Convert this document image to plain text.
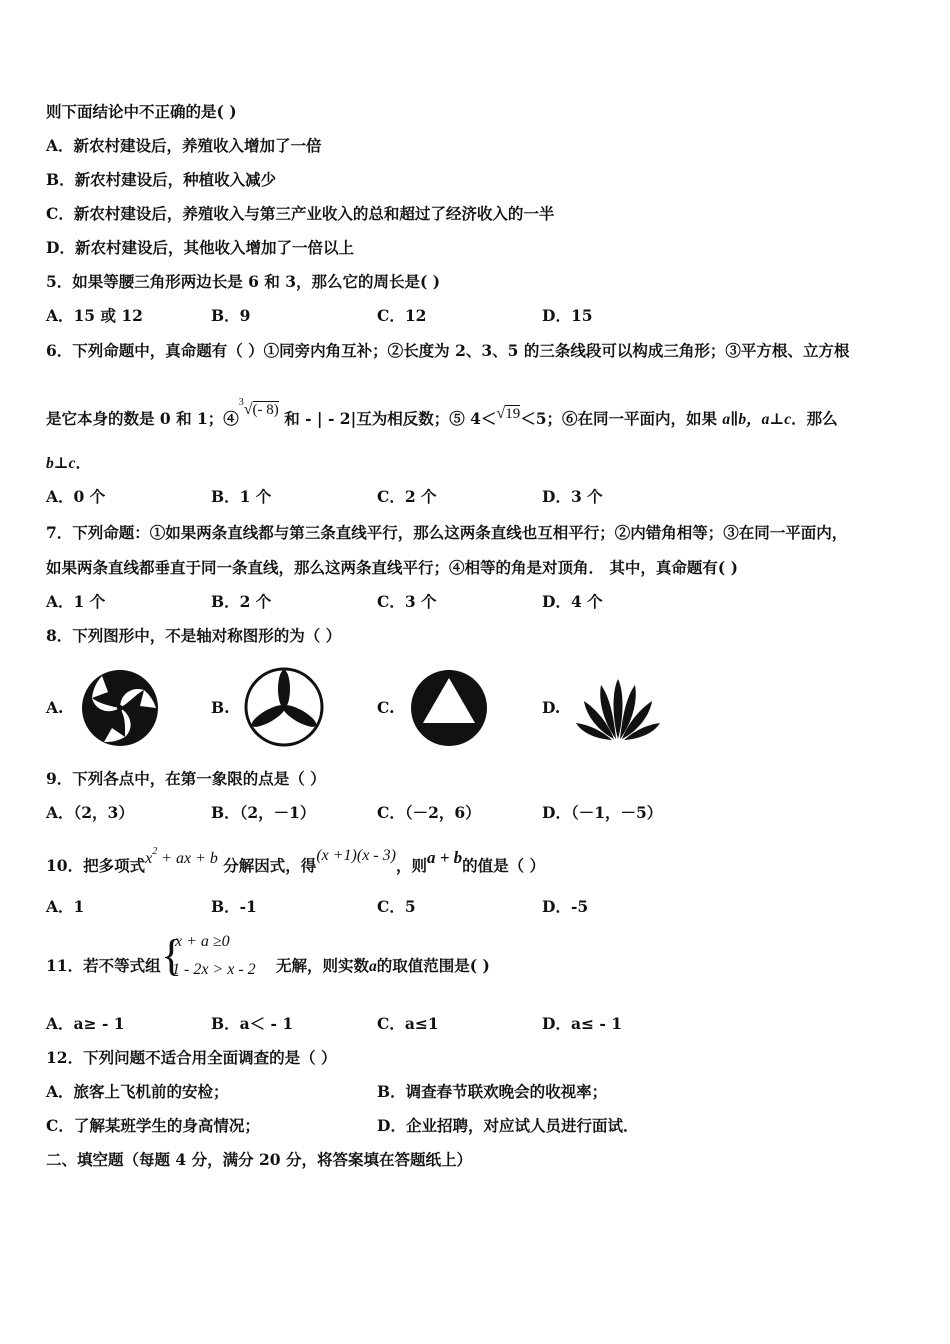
则下面结论中不正确的是( )
A．新农村建设后，养殖收入增加了一倍
B．新农村建设后，种植收入减少
C．新农村建设后，养殖收入与第三产业收入的总和超过了经济收入的一半
D．新农村建设后，其他收入增加了一倍以上
5．如果等腰三角形两边长是 6 和 3，那么它的周长是( )
A．15 或 12	B．9	C．12	D．15
6．下列命题中，真命题有（ ）①同旁内角互补；②长度为 2、3、5 的三条线段可以构成三角形；③平方根、立方根
是它本身的数是 0 和 1；④$^3$√(- 8) 和 - | - 2|互为相反数；⑤ 4＜√19＜5；⑥在同一平面内，如果 a∥b，a⊥c．那么
b⊥c．
A．0 个	B．1 个	C．2 个	D．3 个
7．下列命题：①如果两条直线都与第三条直线平行，那么这两条直线也互相平行；②内错角相等；③在同一平面内，
如果两条直线都垂直于同一条直线，那么这两条直线平行；④相等的角是对顶角． 其中，真命题有( )
A．1 个	B．2 个	C．3 个	D．4 个
8．下列图形中，不是轴对称图形的为（ ）
A.	B.	C.	D.
9．下列各点中，在第一象限的点是（ ）
A．（2，3）	B．（2，－1）	C．（－2，6）	D．（－1，－5）
10．把多项式$x^2$ + ax + b 分解因式，得(x +1)(x - 3)，则a + b的值是（ ）
A．1	B．-1	C．5	D．-5
11．若不等式组 {
x + a ≥0
1 - 2x > x - 2 无解，则实数a的取值范围是( )
A．a≥ - 1	B．a＜ - 1	C．a≤1	D．a≤ - 1
12．下列问题不适合用全面调查的是（ ）
A．旅客上飞机前的安检；	B．调查春节联欢晚会的收视率；
C．了解某班学生的身高情况；	D．企业招聘，对应试人员进行面试．
二、填空题（每题 4 分，满分 20 分，将答案填在答题纸上）
